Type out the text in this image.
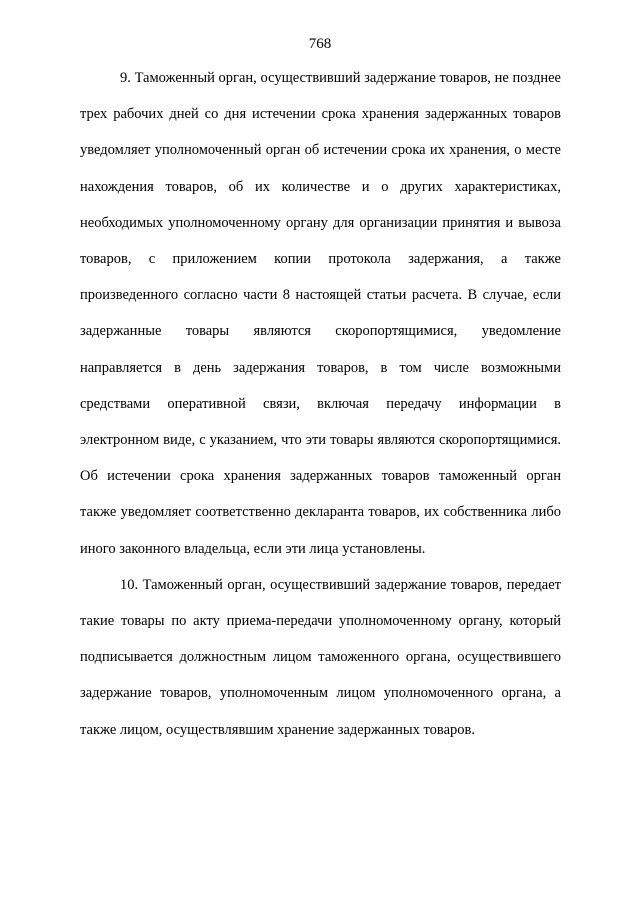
768

9. Таможенный орган, осуществивший задержание товаров, не позднее трех рабочих дней со дня истечении срока хранения задержанных товаров уведомляет уполномоченный орган об истечении срока их хранения, о месте нахождения товаров, об их количестве и о других характеристиках, необходимых уполномоченному органу для организации принятия и вывоза товаров, с приложением копии протокола задержания, а также произведенного согласно части 8 настоящей статьи расчета. В случае, если задержанные товары являются скоропортящимися, уведомление направляется в день задержания товаров, в том числе возможными средствами оперативной связи, включая передачу информации в электронном виде, с указанием, что эти товары являются скоропортящимися. Об истечении срока хранения задержанных товаров таможенный орган также уведомляет соответственно декларанта товаров, их собственника либо иного законного владельца, если эти лица установлены.

10. Таможенный орган, осуществивший задержание товаров, передает такие товары по акту приема-передачи уполномоченному органу, который подписывается должностным лицом таможенного органа, осуществившего задержание товаров, уполномоченным лицом уполномоченного органа, а также лицом, осуществлявшим хранение задержанных товаров.
